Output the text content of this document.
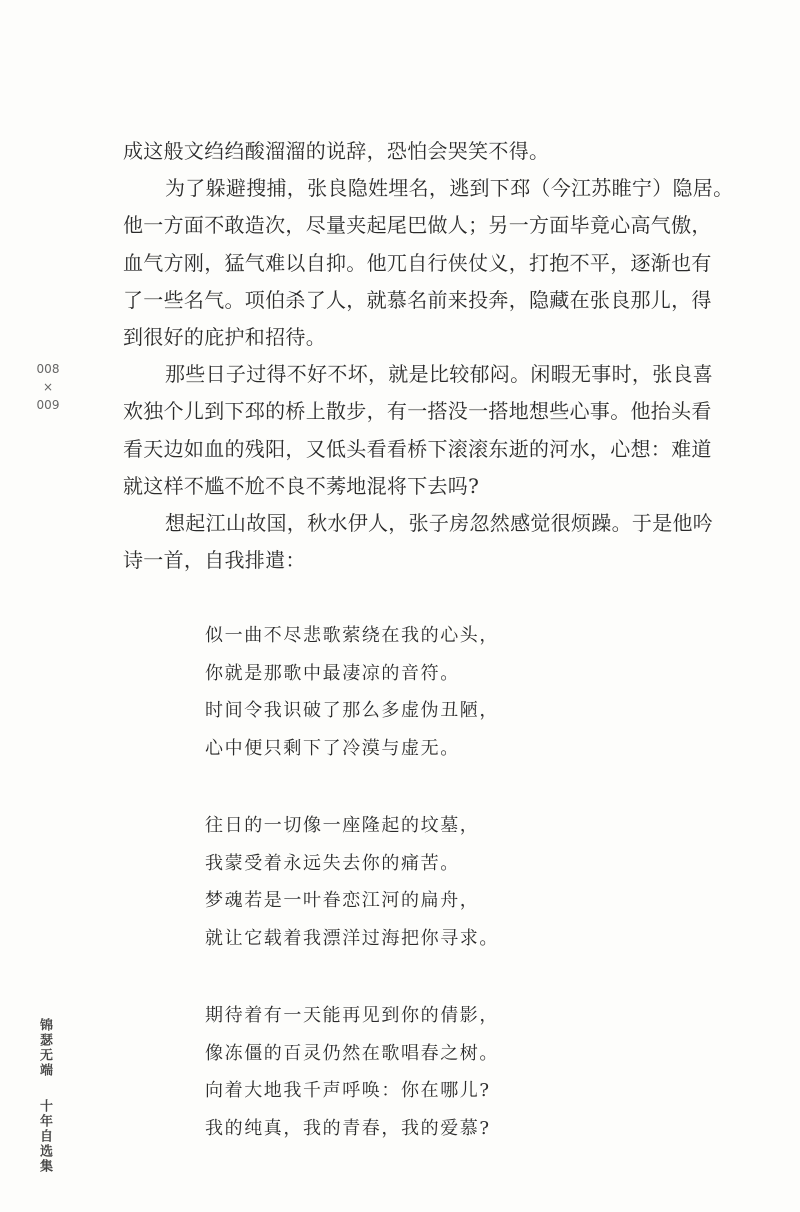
008
×
009
锦瑟无端 十年自选集
成这般文绉绉酸溜溜的说辞，恐怕会哭笑不得。
为了躲避搜捕，张良隐姓埋名，逃到下邳（今江苏睢宁）隐居。
他一方面不敢造次，尽量夹起尾巴做人；另一方面毕竟心高气傲，
血气方刚，猛气难以自抑。他兀自行侠仗义，打抱不平，逐渐也有
了一些名气。项伯杀了人，就慕名前来投奔，隐藏在张良那儿，得
到很好的庇护和招待。
那些日子过得不好不坏，就是比较郁闷。闲暇无事时，张良喜
欢独个儿到下邳的桥上散步，有一搭没一搭地想些心事。他抬头看
看天边如血的残阳，又低头看看桥下滚滚东逝的河水，心想：难道
就这样不尴不尬不良不莠地混将下去吗?
想起江山故国，秋水伊人，张子房忽然感觉很烦躁。于是他吟
诗一首，自我排遣：
似一曲不尽悲歌萦绕在我的心头，
你就是那歌中最凄凉的音符。
时间令我识破了那么多虚伪丑陋，
心中便只剩下了冷漠与虚无。
往日的一切像一座隆起的坟墓，
我蒙受着永远失去你的痛苦。
梦魂若是一叶眷恋江河的扁舟，
就让它载着我漂洋过海把你寻求。
期待着有一天能再见到你的倩影，
像冻僵的百灵仍然在歌唱春之树。
向着大地我千声呼唤：你在哪儿?
我的纯真，我的青春，我的爱慕?
